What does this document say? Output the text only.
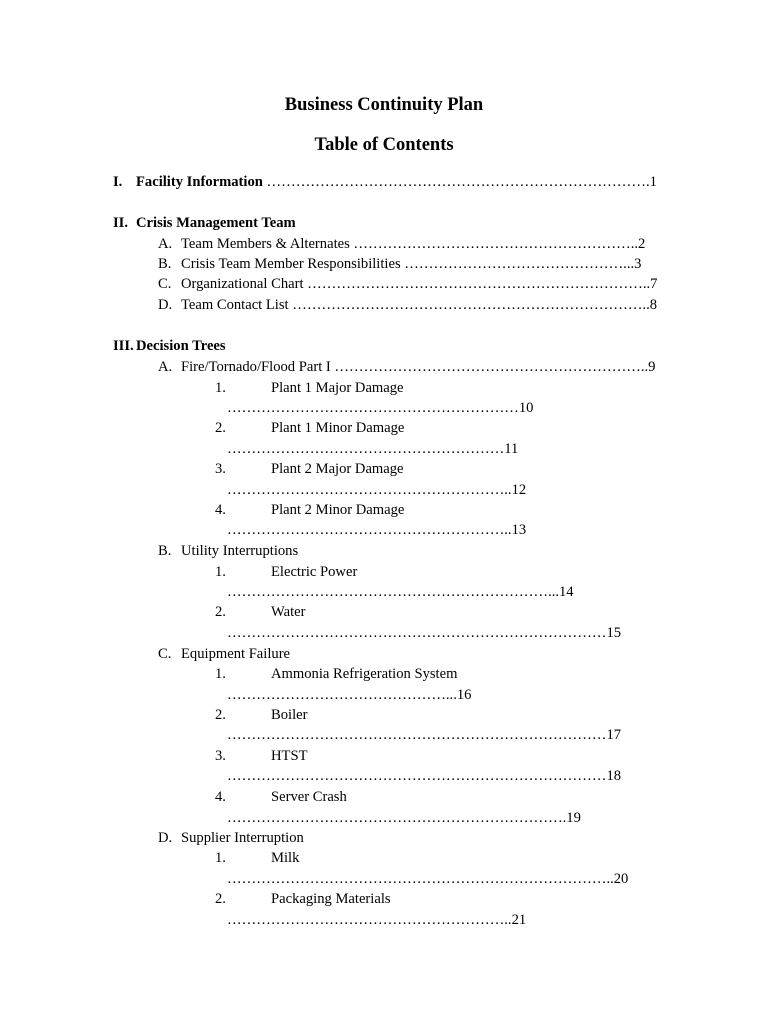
Business Continuity Plan
Table of Contents
I. Facility Information …………………………………………………………………….1
II. Crisis Management Team
A. Team Members & Alternates …………………………………………………..2
B. Crisis Team Member Responsibilities ………………………………………...3
C. Organizational Chart ……………………………………………………………..7
D. Team Contact List ………………………………………………………………..8
III. Decision Trees
A. Fire/Tornado/Flood Part I ………………………………………………………..9
1.	Plant 1 Major Damage
……………………………………………………10
2.	Plant 1 Minor Damage
…………………………………………………11
3.	Plant 2 Major Damage
…………………………………………………..12
4.	Plant 2 Minor Damage
…………………………………………………..13
B. Utility Interruptions
1.	Electric Power
…………………………………………………………...14
2.	Water
……………………………………………………………………15
C. Equipment Failure
1.	Ammonia Refrigeration System
………………………………………...16
2.	Boiler
……………………………………………………………………17
3.	HTST
……………………………………………………………………18
4.	Server Crash
…………………………………………………………….19
D. Supplier Interruption
1.	Milk
……………………………………………………………………..20
2.	Packaging Materials
…………………………………………………..21
